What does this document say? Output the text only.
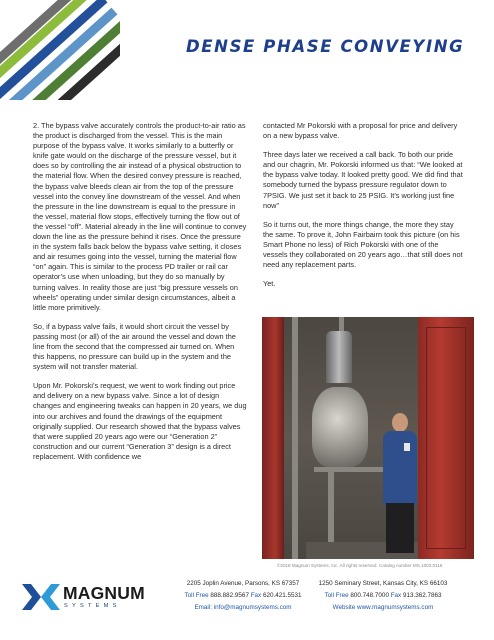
DENSE PHASE CONVEYING

2. The bypass valve accurately controls the product-to-air ratio as the product is discharged from the vessel. This is the main purpose of the bypass valve. It works similarly to a butterfly or knife gate would on the discharge of the pressure vessel, but it does so by controlling the air instead of a physical obstruction to the material flow. When the desired convey pressure is reached, the bypass valve bleeds clean air from the top of the pressure vessel into the convey line downstream of the vessel. And when the pressure in the line downstream is equal to the pressure in the vessel, material flow stops, effectively turning the flow out of the vessel “off”. Material already in the line will continue to convey down the line as the pressure behind it rises. Once the pressure in the system falls back below the bypass valve setting, it closes and air resumes going into the vessel, turning the material flow “on” again. This is similar to the process PD trailer or rail car operator’s use when unloading, but they do so manually by turning valves. In reality those are just “big pressure vessels on wheels” operating under similar design circumstances, albeit a little more primitively.

So, if a bypass valve fails, it would short circuit the vessel by passing most (or all) of the air around the vessel and down the line from the second that the compressed air turned on. When this happens, no pressure can build up in the system and the system will not transfer material.

Upon Mr. Pokorski’s request, we went to work finding out price and delivery on a new bypass valve. Since a lot of design changes and engineering tweaks can happen in 20 years, we dug into our archives and found the drawings of the equipment originally supplied. Our research showed that the bypass valves that were supplied 20 years ago were our “Generation 2” construction and our current “Generation 3” design is a direct replacement. With confidence we

contacted Mr Pokorski with a proposal for price and delivery on a new bypass valve.

Three days later we received a call back. To both our pride and our chagrin, Mr. Pokorski informed us that: “We looked at the bypass valve today. It looked pretty good. We did find that somebody turned the bypass pressure regulator down to 7PSIG. We just set it back to 25 PSIG. It’s working just fine now”

So it turns out, the more things change, the more they stay the same. To prove it, John Fairbairn took this picture (on his Smart Phone no less) of Rich Pokorski with one of the vessels they collaborated on 20 years ago…that still does not need any replacement parts.

Yet.

©2018 Magnum Systems, Inc. All rights reserved. Catalog number MS.1003.0118
MAGNUM
SYSTEMS
2205 Joplin Avenue, Parsons, KS 67357
Toll Free 888.882.9567 Fax 620.421.5531
Email: info@magnumsystems.com
1250 Seminary Street, Kansas City, KS 66103
Toll Free 800.748.7000 Fax 913.362.7863
Website www.magnumsystems.com
